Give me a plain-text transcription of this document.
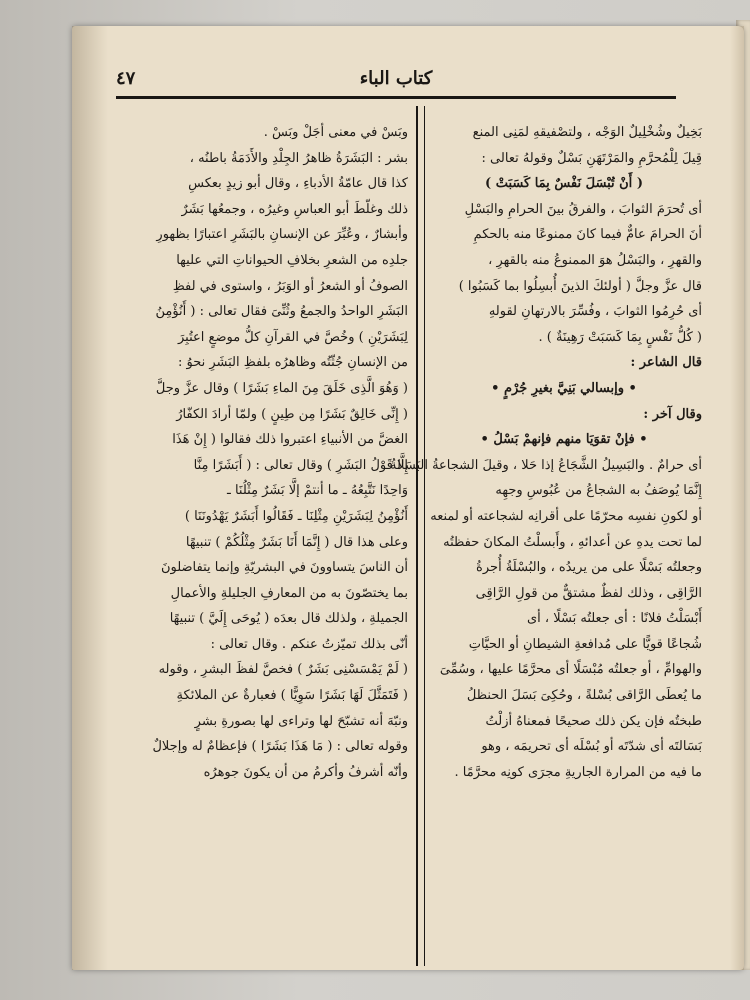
٤٧	كتاب الباء
بَخِيلٌ وشُخْلِيلٌ الوَجْه ، ولتصْفيقهِ لمَنِى المنع
قِيلَ لِلْمُحرَّمِ والمَرْتَهَنِ بَسْلٌ وقولهُ تعالى :
( أَنْ تُبْسَلَ نَفْسٌ بِمَا كَسَبَتْ )
أى تُحرَمَ الثوابَ ، والفرقُ بينَ الحرامِ والبَسْلِ
أنَ الحرامَ عامٌّ فيما كانَ ممنوعًا منه بالحكمِ
والقهرِ ، والبَسْلُ هوَ الممنوعُ منه بالقهرِ ،
قال عزَّ وجلَّ ( أولئكَ الذينَ أُبسِلُوا بما كَسَبُوا )
أى حُرِمُوا الثوابَ ، وفُسِّرَ بالارتهانِ لقولهِ
( كُلُّ نَفْسٍ بِمَا كَسَبَتْ رَهِينَةٌ ) .
قال الشاعر :
• وإبسالي بَنِيَّ بغيرِ جُرْمٍ •
وقال آخر :
• فإنْ تقوَيَا منهم فإنهمْ بَسْلُ •
أى حرامٌ . والبَسِيلُ الشَّجَاعُ إذا حَلا ، وقيلَ الشجاعةُ البَسَالةُ
إِنَّمَا يُوصَفُ به الشجاعُ من عُبُوسِ وجهِه
أو لكونِ نفسِه محرّمًا على أقرانِه لشجاعته أو لمنعه
لما تحت يدهِ عن أعدائهِ ، وأَبسلْتُ المكانَ حفظتُه
وجعلتُه بَسْلًا على من يريدُه ، والبُسْلَةُ أُجرةُ
الرَّاقِى ، وذلك لفظٌ مشتقٌّ من قولِ الرَّاقِى
أَبْسَلْتُ فلانًا : أى جعلتُه بَسْلًا ، أى
شُجاعًا قويًّا على مُدافعةِ الشيطانِ أو الحيَّاتِ
والهوامِّ ، أو جعلتُه مُبْسَلًا أى محرَّمًا عليها ، وسُمِّىَ
ما يُعطَى الرَّاقى بُسْلةً ، وحُكِىَ بَسَلَ الحنظلُ
طبختُه فإن يكن ذلك صحيحًا فمعناهُ أزلْتُ
بَسَالتَه أى شدّتَه أو بُسْلَه أى تحريمَه ، وهو
ما فيه من المرارة الجاريةِ مجرَى كونِه محرَّمًا .
وبَسْ في معنى أجَلْ وبَسْ .
بشر : البَشَرَةُ ظاهرُ الجِلْدِ والأَدَمَةُ باطنُه ،
كذا قال عامّةُ الأدباءِ ، وقال أبو زيدٍ بعكسِ
ذلك وغلّطَ أبو العباسِ وغيرُه ، وجمعُها بَشَرٌ
وأبشارٌ ، وعُبِّرَ عن الإنسانِ بالبَشَرِ اعتبارًا بظهورِ
جلدِه من الشعرِ بخلافِ الحيواناتِ التي عليها
الصوفُ أو الشعرُ أو الوَبَرُ ، واستوى في لفظِ
البَشَرِ الواحدُ والجمعُ وثُنِّىَ فقال تعالى : ( أَنُؤْمِنُ
لِبَشَرَيْنِ ) وخُصَّ في القرآنِ كلُّ موضعٍ اعتُبِرَ
من الإنسانِ جُثّتُه وظاهرُه بلفظِ البَشَرِ نحوُ :
( وَهُوَ الَّذِى خَلَقَ مِنَ الماءِ بَشَرًا ) وقال عزَّ وجلَّ
( إِنِّى خَالِقٌ بَشَرًا مِن طِينٍ ) ولمّا أرادَ الكفّارُ
الغضَّ من الأنبياءِ اعتبروا ذلك فقالوا ( إِنْ هَذَا
إِلَّا قَوْلُ البَشَرِ ) وقال تعالى : ( أَبَشَرًا مِنَّا
وَاحِدًا نَتَّبِعُهُ ـ ما أنتمْ إلَّا بَشَرٌ مِثْلُنَا ـ
أَنُؤْمِنُ لِبَشَرَيْنِ مِثْلِنَا ـ فَقَالُوا أَبَشَرٌ يَهْدُونَنَا )
وعلى هذا قال ( إِنَّمَا أَنَا بَشَرٌ مِثْلُكُمْ ) تنبيهًا
أن الناسَ يتساوونَ في البشريّةِ وإنما يتفاضلونَ
بما يختصّونَ به من المعارفِ الجليلةِ والأعمالِ
الجميلةِ ، ولذلك قال بعدَه ( يُوحَى إِلَيَّ ) تنبيهًا
أنّى بذلك تميّزتُ عنكم . وقال تعالى :
( لَمْ يَمْسَسْنِى بَشَرٌ ) فخصَّ لفظَ البشرِ ، وقوله
( فَتَمَثَّلَ لَهَا بَشَرًا سَوِيًّا ) فعبارةٌ عن الملائكةِ
ونبّهَ أنه تشبّحَ لها وتراءى لها بصورةِ بشرٍ
وقوله تعالى : ( مَا هَذَا بَشَرًا ) فإعظامٌ له وإجلالٌ
وأنّه أشرفُ وأكرمُ من أن يكونَ جوهرُه
